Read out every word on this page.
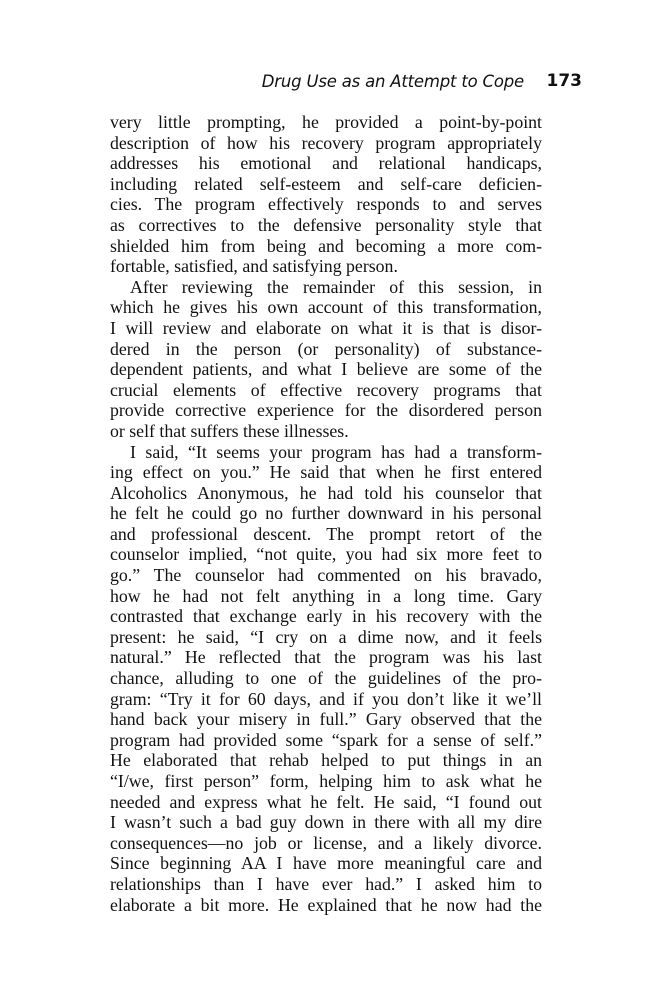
Drug Use as an Attempt to Cope 173
very little prompting, he provided a point-by-point
description of how his recovery program appropriately
addresses his emotional and relational handicaps,
including related self-esteem and self-care deficien-
cies. The program effectively responds to and serves
as correctives to the defensive personality style that
shielded him from being and becoming a more com-
fortable, satisfied, and satisfying person.
After reviewing the remainder of this session, in
which he gives his own account of this transformation,
I will review and elaborate on what it is that is disor-
dered in the person (or personality) of substance-
dependent patients, and what I believe are some of the
crucial elements of effective recovery programs that
provide corrective experience for the disordered person
or self that suffers these illnesses.
I said, “It seems your program has had a transform-
ing effect on you.” He said that when he first entered
Alcoholics Anonymous, he had told his counselor that
he felt he could go no further downward in his personal
and professional descent. The prompt retort of the
counselor implied, “not quite, you had six more feet to
go.” The counselor had commented on his bravado,
how he had not felt anything in a long time. Gary
contrasted that exchange early in his recovery with the
present: he said, “I cry on a dime now, and it feels
natural.” He reflected that the program was his last
chance, alluding to one of the guidelines of the pro-
gram: “Try it for 60 days, and if you don’t like it we’ll
hand back your misery in full.” Gary observed that the
program had provided some “spark for a sense of self.”
He elaborated that rehab helped to put things in an
“I/we, first person” form, helping him to ask what he
needed and express what he felt. He said, “I found out
I wasn’t such a bad guy down in there with all my dire
consequences—no job or license, and a likely divorce.
Since beginning AA I have more meaningful care and
relationships than I have ever had.” I asked him to
elaborate a bit more. He explained that he now had the
